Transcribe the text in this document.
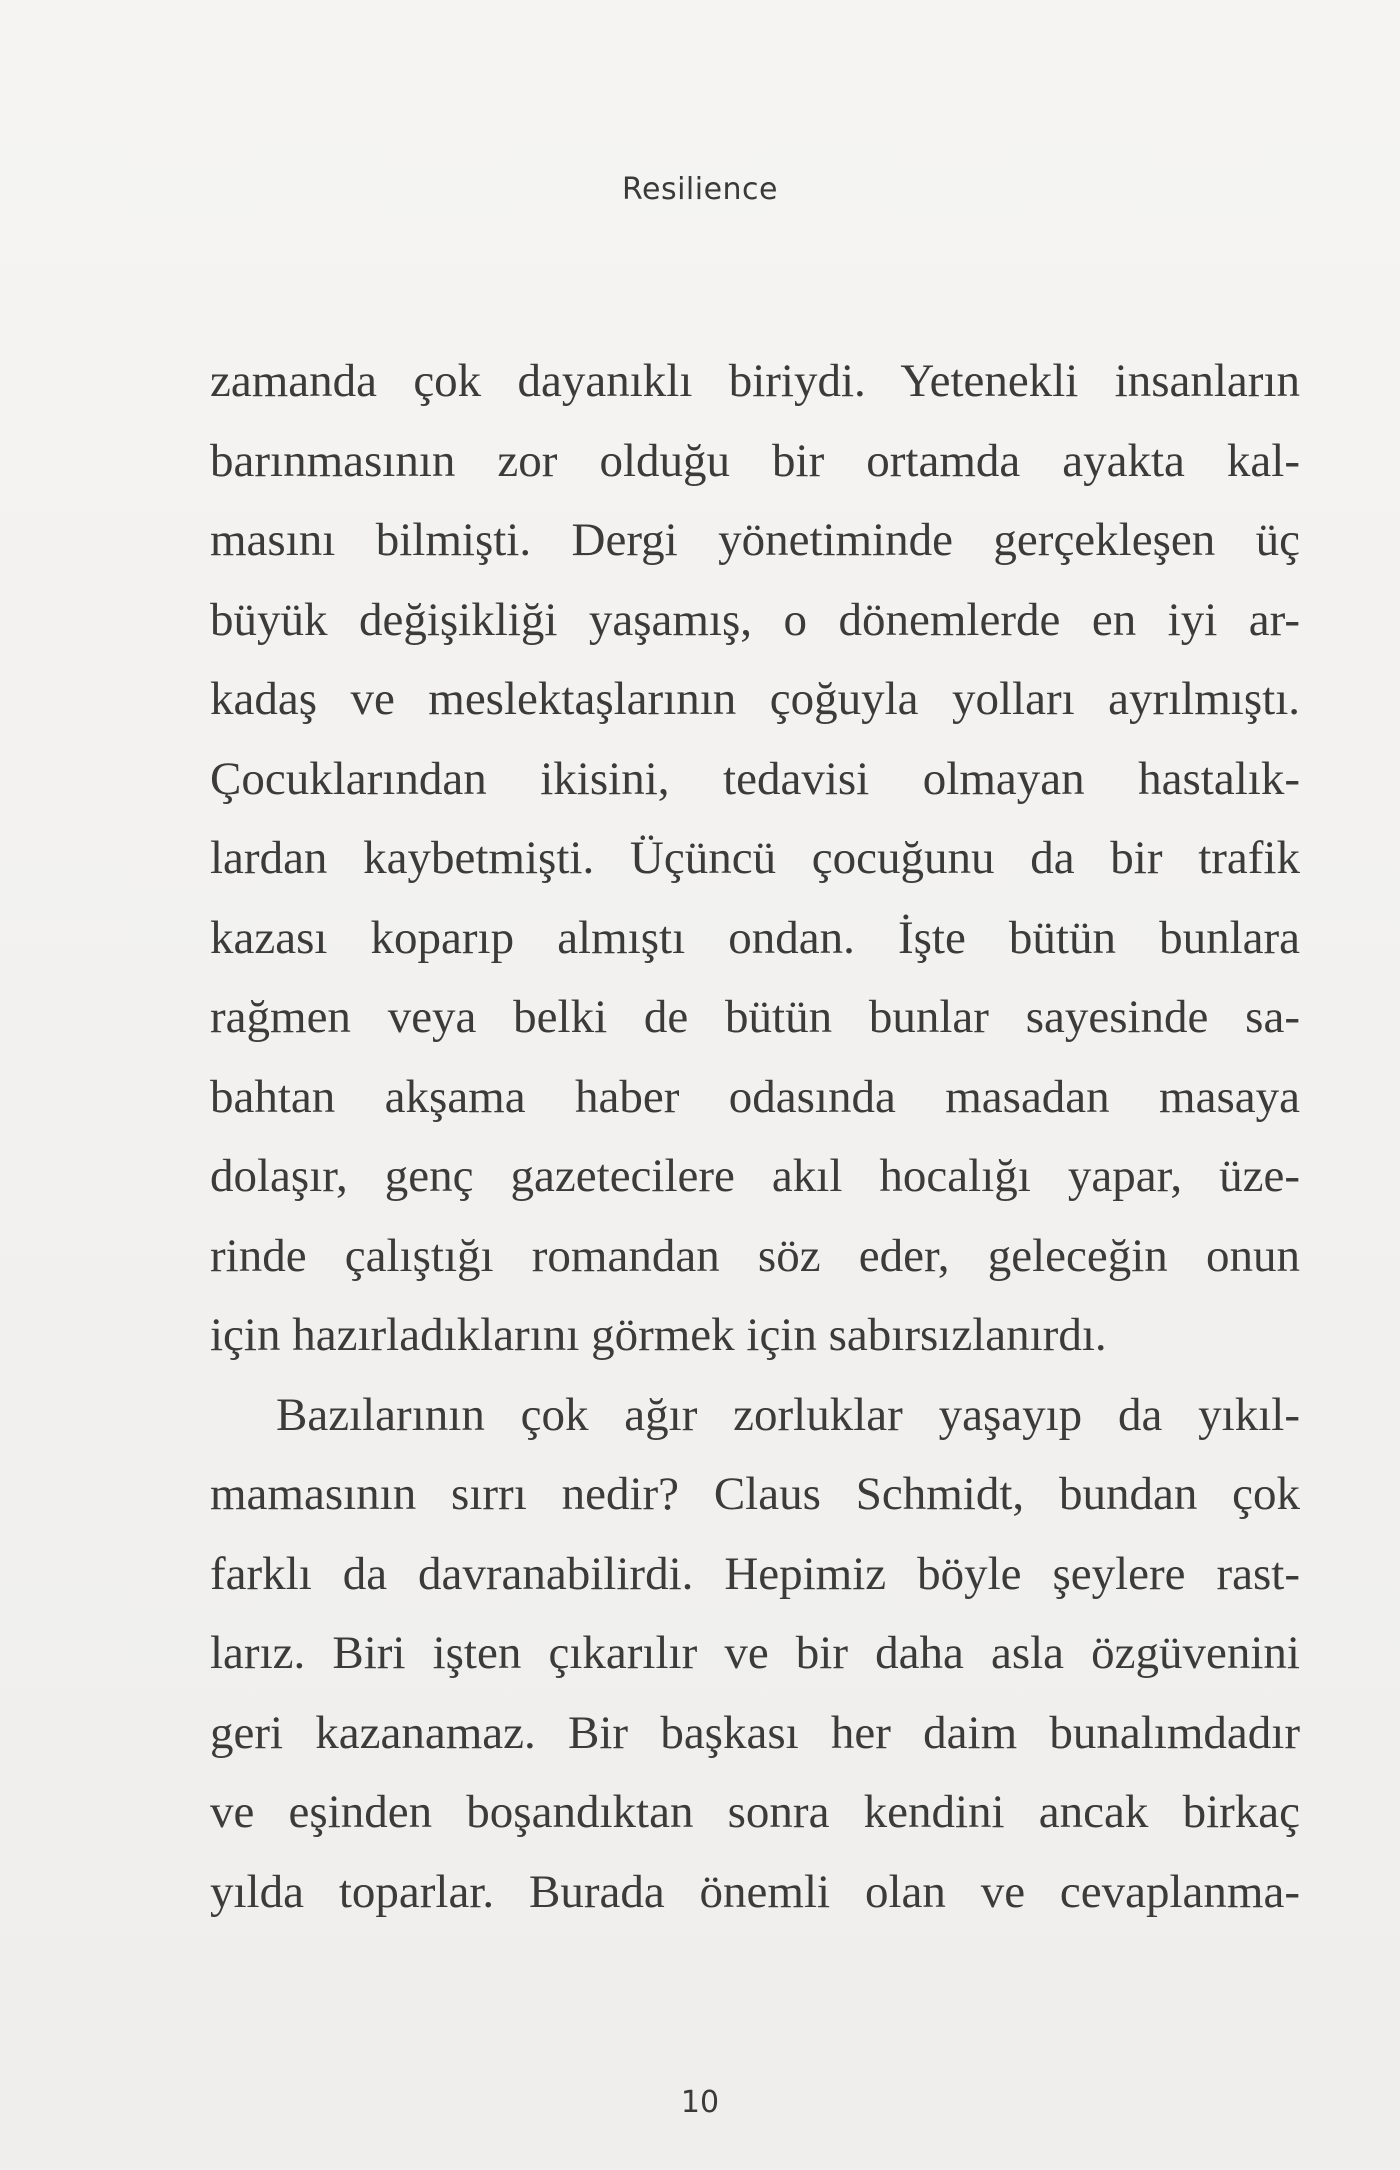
Resilience

zamanda çok dayanıklı biriydi. Yetenekli insanların
barınmasının zor olduğu bir ortamda ayakta kal-
masını bilmişti. Dergi yönetiminde gerçekleşen üç
büyük değişikliği yaşamış, o dönemlerde en iyi ar-
kadaş ve meslektaşlarının çoğuyla yolları ayrılmıştı.
Çocuklarından ikisini, tedavisi olmayan hastalık-
lardan kaybetmişti. Üçüncü çocuğunu da bir trafik
kazası koparıp almıştı ondan. İşte bütün bunlara
rağmen veya belki de bütün bunlar sayesinde sa-
bahtan akşama haber odasında masadan masaya
dolaşır, genç gazetecilere akıl hocalığı yapar, üze-
rinde çalıştığı romandan söz eder, geleceğin onun
için hazırladıklarını görmek için sabırsızlanırdı.

Bazılarının çok ağır zorluklar yaşayıp da yıkıl-
mamasının sırrı nedir? Claus Schmidt, bundan çok
farklı da davranabilirdi. Hepimiz böyle şeylere rast-
larız. Biri işten çıkarılır ve bir daha asla özgüvenini
geri kazanamaz. Bir başkası her daim bunalımdadır
ve eşinden boşandıktan sonra kendini ancak birkaç
yılda toparlar. Burada önemli olan ve cevaplanma-

10
